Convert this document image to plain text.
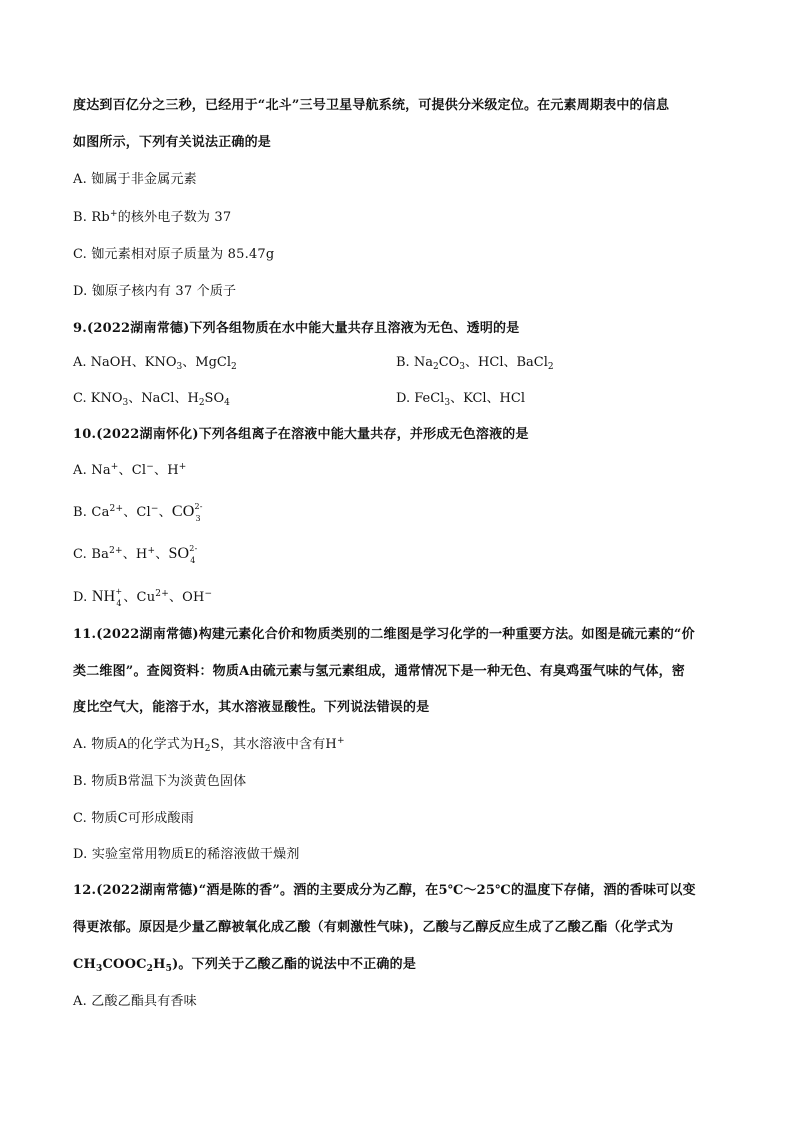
度达到百亿分之三秒，已经用于“北斗”三号卫星导航系统，可提供分米级定位。在元素周期表中的信息
如图所示，下列有关说法正确的是
A. 铷属于非金属元素
B. Rb+的核外电子数为 37
C. 铷元素相对原子质量为 85.47g
D. 铷原子核内有 37 个质子
9.(2022湖南常德)下列各组物质在水中能大量共存且溶液为无色、透明的是
A. NaOH、$KNO_3$、MgCl$_2$	B. $Na_2CO_3$、HCl、BaCl$_2$
C. $KNO_3$、NaCl、$H_2SO_4$	D. FeCl$_3$、KCl、HCl
10.(2022湖南怀化)下列各组离子在溶液中能大量共存，并形成无色溶液的是
A. Na+、Cl−、H+
B. $Ca^{2+}$、Cl−、CO 2-
3
C. $Ba^{2+}$、H+、SO 2-
4
D. NH +
4 、$Cu^{2+}$、OH−
11.(2022湖南常德)构建元素化合价和物质类别的二维图是学习化学的一种重要方法。如图是硫元素的“价
类二维图”。查阅资料：物质A由硫元素与氢元素组成，通常情况下是一种无色、有臭鸡蛋气味的气体，密
度比空气大，能溶于水，其水溶液显酸性。下列说法错误的是
A. 物质A的化学式为$H_2S$，其水溶液中含有H+
B. 物质B常温下为淡黄色固体
C. 物质C可形成酸雨
D. 实验室常用物质E的稀溶液做干燥剂
12.(2022湖南常德)“酒是陈的香”。酒的主要成分为乙醇，在5℃～25℃的温度下存储，酒的香味可以变
得更浓郁。原因是少量乙醇被氧化成乙酸（有刺激性气味)，乙酸与乙醇反应生成了乙酸乙酯（化学式为
$CH_3COOC_2H_5$)。下列关于乙酸乙酯的说法中不正确的是
A. 乙酸乙酯具有香味
